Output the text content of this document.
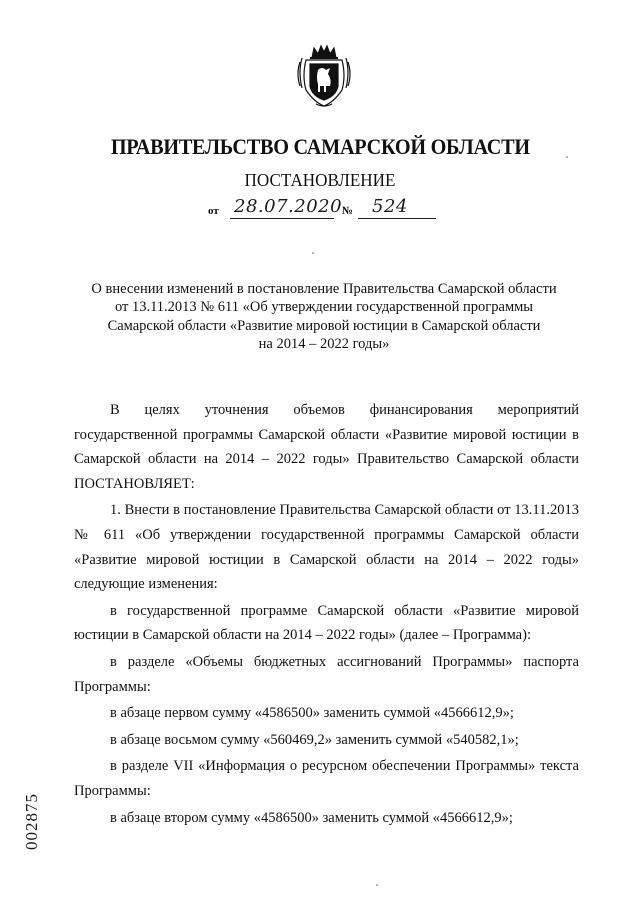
ПРАВИТЕЛЬСТВО САМАРСКОЙ ОБЛАСТИ
ПОСТАНОВЛЕНИЕ
от 28.07.2020 № 524
О внесении изменений в постановление Правительства Самарской области
от 13.11.2013 № 611 «Об утверждении государственной программы
Самарской области «Развитие мировой юстиции в Самарской области
на 2014 – 2022 годы»

В целях уточнения объемов финансирования мероприятий государственной программы Самарской области «Развитие мировой юстиции в Самарской области на 2014 – 2022 годы» Правительство Самарской области ПОСТАНОВЛЯЕТ:

1. Внести в постановление Правительства Самарской области от 13.11.2013 № 611 «Об утверждении государственной программы Самарской области «Развитие мировой юстиции в Самарской области на 2014 – 2022 годы» следующие изменения:

в государственной программе Самарской области «Развитие мировой юстиции в Самарской области на 2014 – 2022 годы» (далее – Программа):

в разделе «Объемы бюджетных ассигнований Программы» паспорта Программы:

в абзаце первом сумму «4586500» заменить суммой «4566612,9»;

в абзаце восьмом сумму «560469,2» заменить суммой «540582,1»;

в разделе VII «Информация о ресурсном обеспечении Программы» текста Программы:

в абзаце втором сумму «4586500» заменить суммой «4566612,9»;

002875
